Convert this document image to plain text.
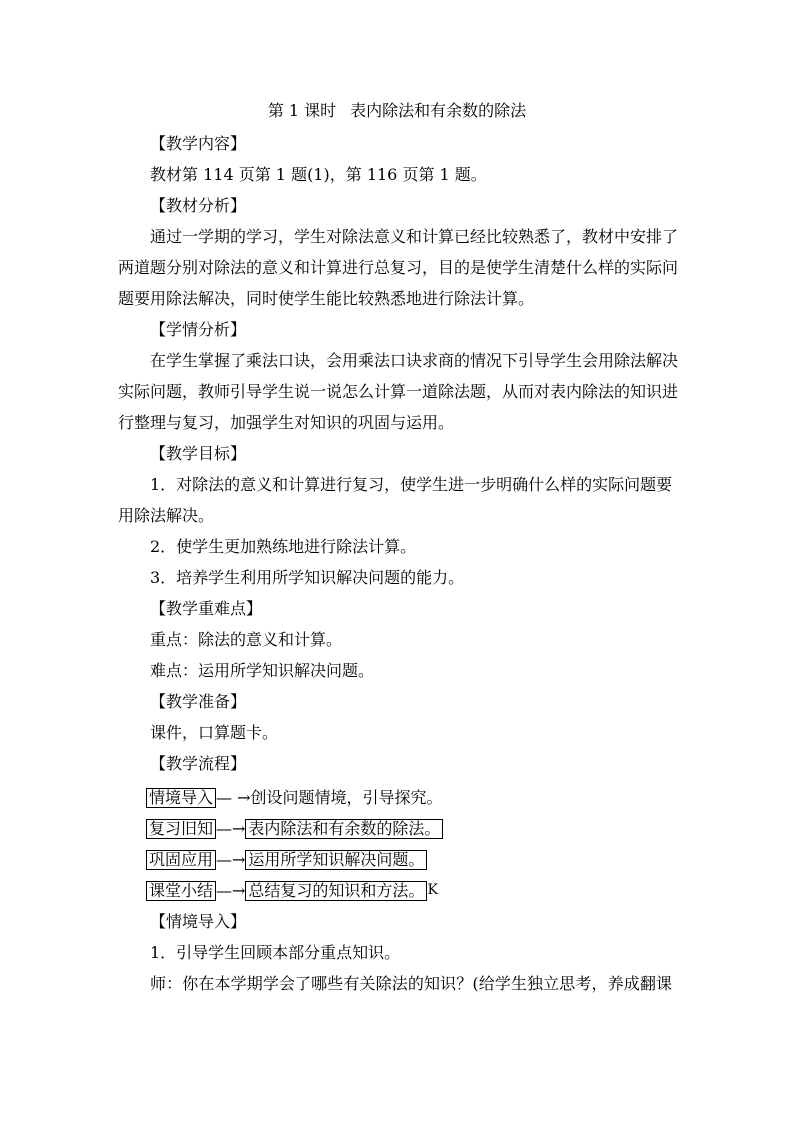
第 1 课时 表内除法和有余数的除法
【教学内容】
教材第 114 页第 1 题(1)，第 116 页第 1 题。
【教材分析】
通过一学期的学习，学生对除法意义和计算已经比较熟悉了，教材中安排了
两道题分别对除法的意义和计算进行总复习，目的是使学生清楚什么样的实际问
题要用除法解决，同时使学生能比较熟悉地进行除法计算。
【学情分析】
在学生掌握了乘法口诀，会用乘法口诀求商的情况下引导学生会用除法解决
实际问题，教师引导学生说一说怎么计算一道除法题，从而对表内除法的知识进
行整理与复习，加强学生对知识的巩固与运用。
【教学目标】
1．对除法的意义和计算进行复习，使学生进一步明确什么样的实际问题要
用除法解决。
2．使学生更加熟练地进行除法计算。
3．培养学生利用所学知识解决问题的能力。
【教学重难点】
重点：除法的意义和计算。
难点：运用所学知识解决问题。
【教学准备】
课件，口算题卡。
【教学流程】
情境导入— →创设问题情境，引导探究。
复习旧知 —→ 表内除法和有余数的除法。
巩固应用 —→ 运用所学知识解决问题。
课堂小结 —→ 总结复习的知识和方法。 K
【情境导入】
1．引导学生回顾本部分重点知识。
师：你在本学期学会了哪些有关除法的知识？(给学生独立思考，养成翻课
